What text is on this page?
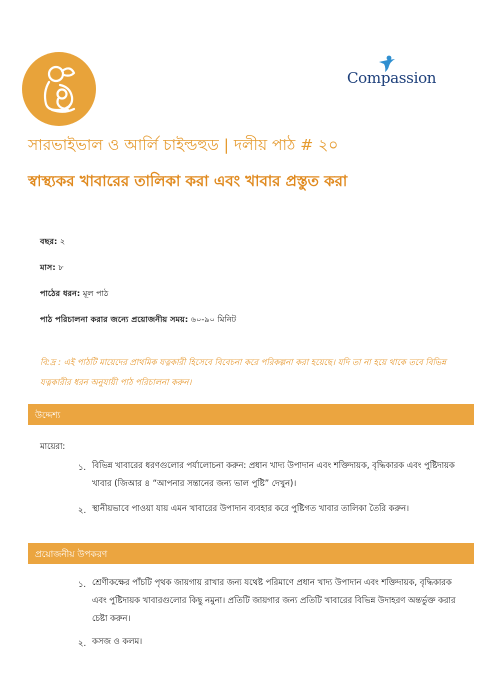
Compassion
সারভাইভাল ও আর্লি চাইল্ডহুড | দলীয় পাঠ # ২০
স্বাস্থ্যকর খাবারের তালিকা করা এবং খাবার প্রস্তুত করা
বছর: ২
মাস: ৮
পাঠের ধরন: মূল পাঠ
পাঠ পরিচালনা করার জন্যে প্রয়োজনীয় সময়: ৬০-৯০ মিনিট
বি:দ্র : এই পাঠটি মায়েদের প্রাথমিক যত্নকারী হিসেবে বিবেচনা করে পরিকল্পনা করা হয়েছে। যদি তা না হয়ে থাকে তবে বিভিন্ন যত্নকারীর ধরন অনুযায়ী পাঠ পরিচালনা করুন।
উদ্দেশ্য
মায়েরা:
১. বিভিন্ন খাবারের ধরণগুলোর পর্যালোচনা করুন: প্রধান খাদ্য উপাদান এবং শক্তিদায়ক, বৃদ্ধিকারক এবং পুষ্টিদায়ক খাবার (জিআর ৪ “আপনার সন্তানের জন্য ভাল পুষ্টি” দেখুন)।
২. স্থানীয়ভাবে পাওয়া যায় এমন খাবারের উপাদান ব্যবহার করে পুষ্টিগত খাবার তালিকা তৈরি করুন।
প্রয়োজনীয় উপকরণ
১. শ্রেণীকক্ষের পাঁচটি পৃথক জায়গায় রাখার জন্য যথেষ্ট পরিমাণে প্রধান খাদ্য উপাদান এবং শক্তিদায়ক, বৃদ্ধিকারক এবং পুষ্টিদায়ক খাবারগুলোর কিছু নমুনা। প্রতিটি জায়গার জন্য প্রতিটি খাবারের বিভিন্ন উদাহরণ অন্তর্ভুক্ত করার চেষ্টা করুন।
২. কসজ ও কলম।
